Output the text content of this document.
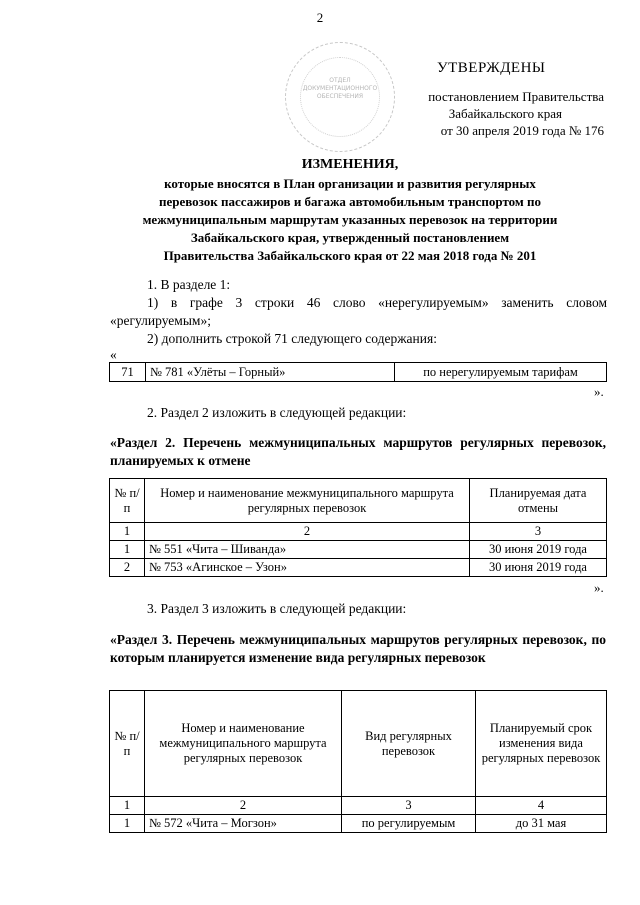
2
ОТДЕЛ
ДОКУМЕНТАЦИОННОГО
ОБЕСПЕЧЕНИЯ
УТВЕРЖДЕНЫ
постановлением Правительства
Забайкальского края
от 30 апреля 2019 года № 176
ИЗМЕНЕНИЯ,
которые вносятся в План организации и развития регулярных
перевозок пассажиров и багажа автомобильным транспортом по
межмуниципальным маршрутам указанных перевозок на территории
Забайкальского края, утвержденный постановлением
Правительства Забайкальского края от 22 мая 2018 года № 201
1. В разделе 1:
1) в графе 3 строки 46 слово «нерегулируемым» заменить словом
«регулируемым»;
2) дополнить строкой 71 следующего содержания:
«
71	№ 781 «Улёты – Горный»	по нерегулируемым тарифам
».
2. Раздел 2 изложить в следующей редакции:
«Раздел 2. Перечень межмуниципальных маршрутов регулярных перевозок, планируемых к отмене
№ п/п	Номер и наименование межмуниципального маршрута регулярных перевозок	Планируемая дата отмены
1	2	3
1	№ 551 «Чита – Шиванда»	30 июня 2019 года
2	№ 753 «Агинское – Узон»	30 июня 2019 года
».
3. Раздел 3 изложить в следующей редакции:
«Раздел 3. Перечень межмуниципальных маршрутов регулярных перевозок, по которым планируется изменение вида регулярных перевозок
№ п/п	Номер и наименование межмуниципального маршрута регулярных перевозок	Вид регулярных перевозок	Планируемый срок изменения вида регулярных перевозок
1	2	3	4
1	№ 572 «Чита – Могзон»	по регулируемым	до 31 мая
